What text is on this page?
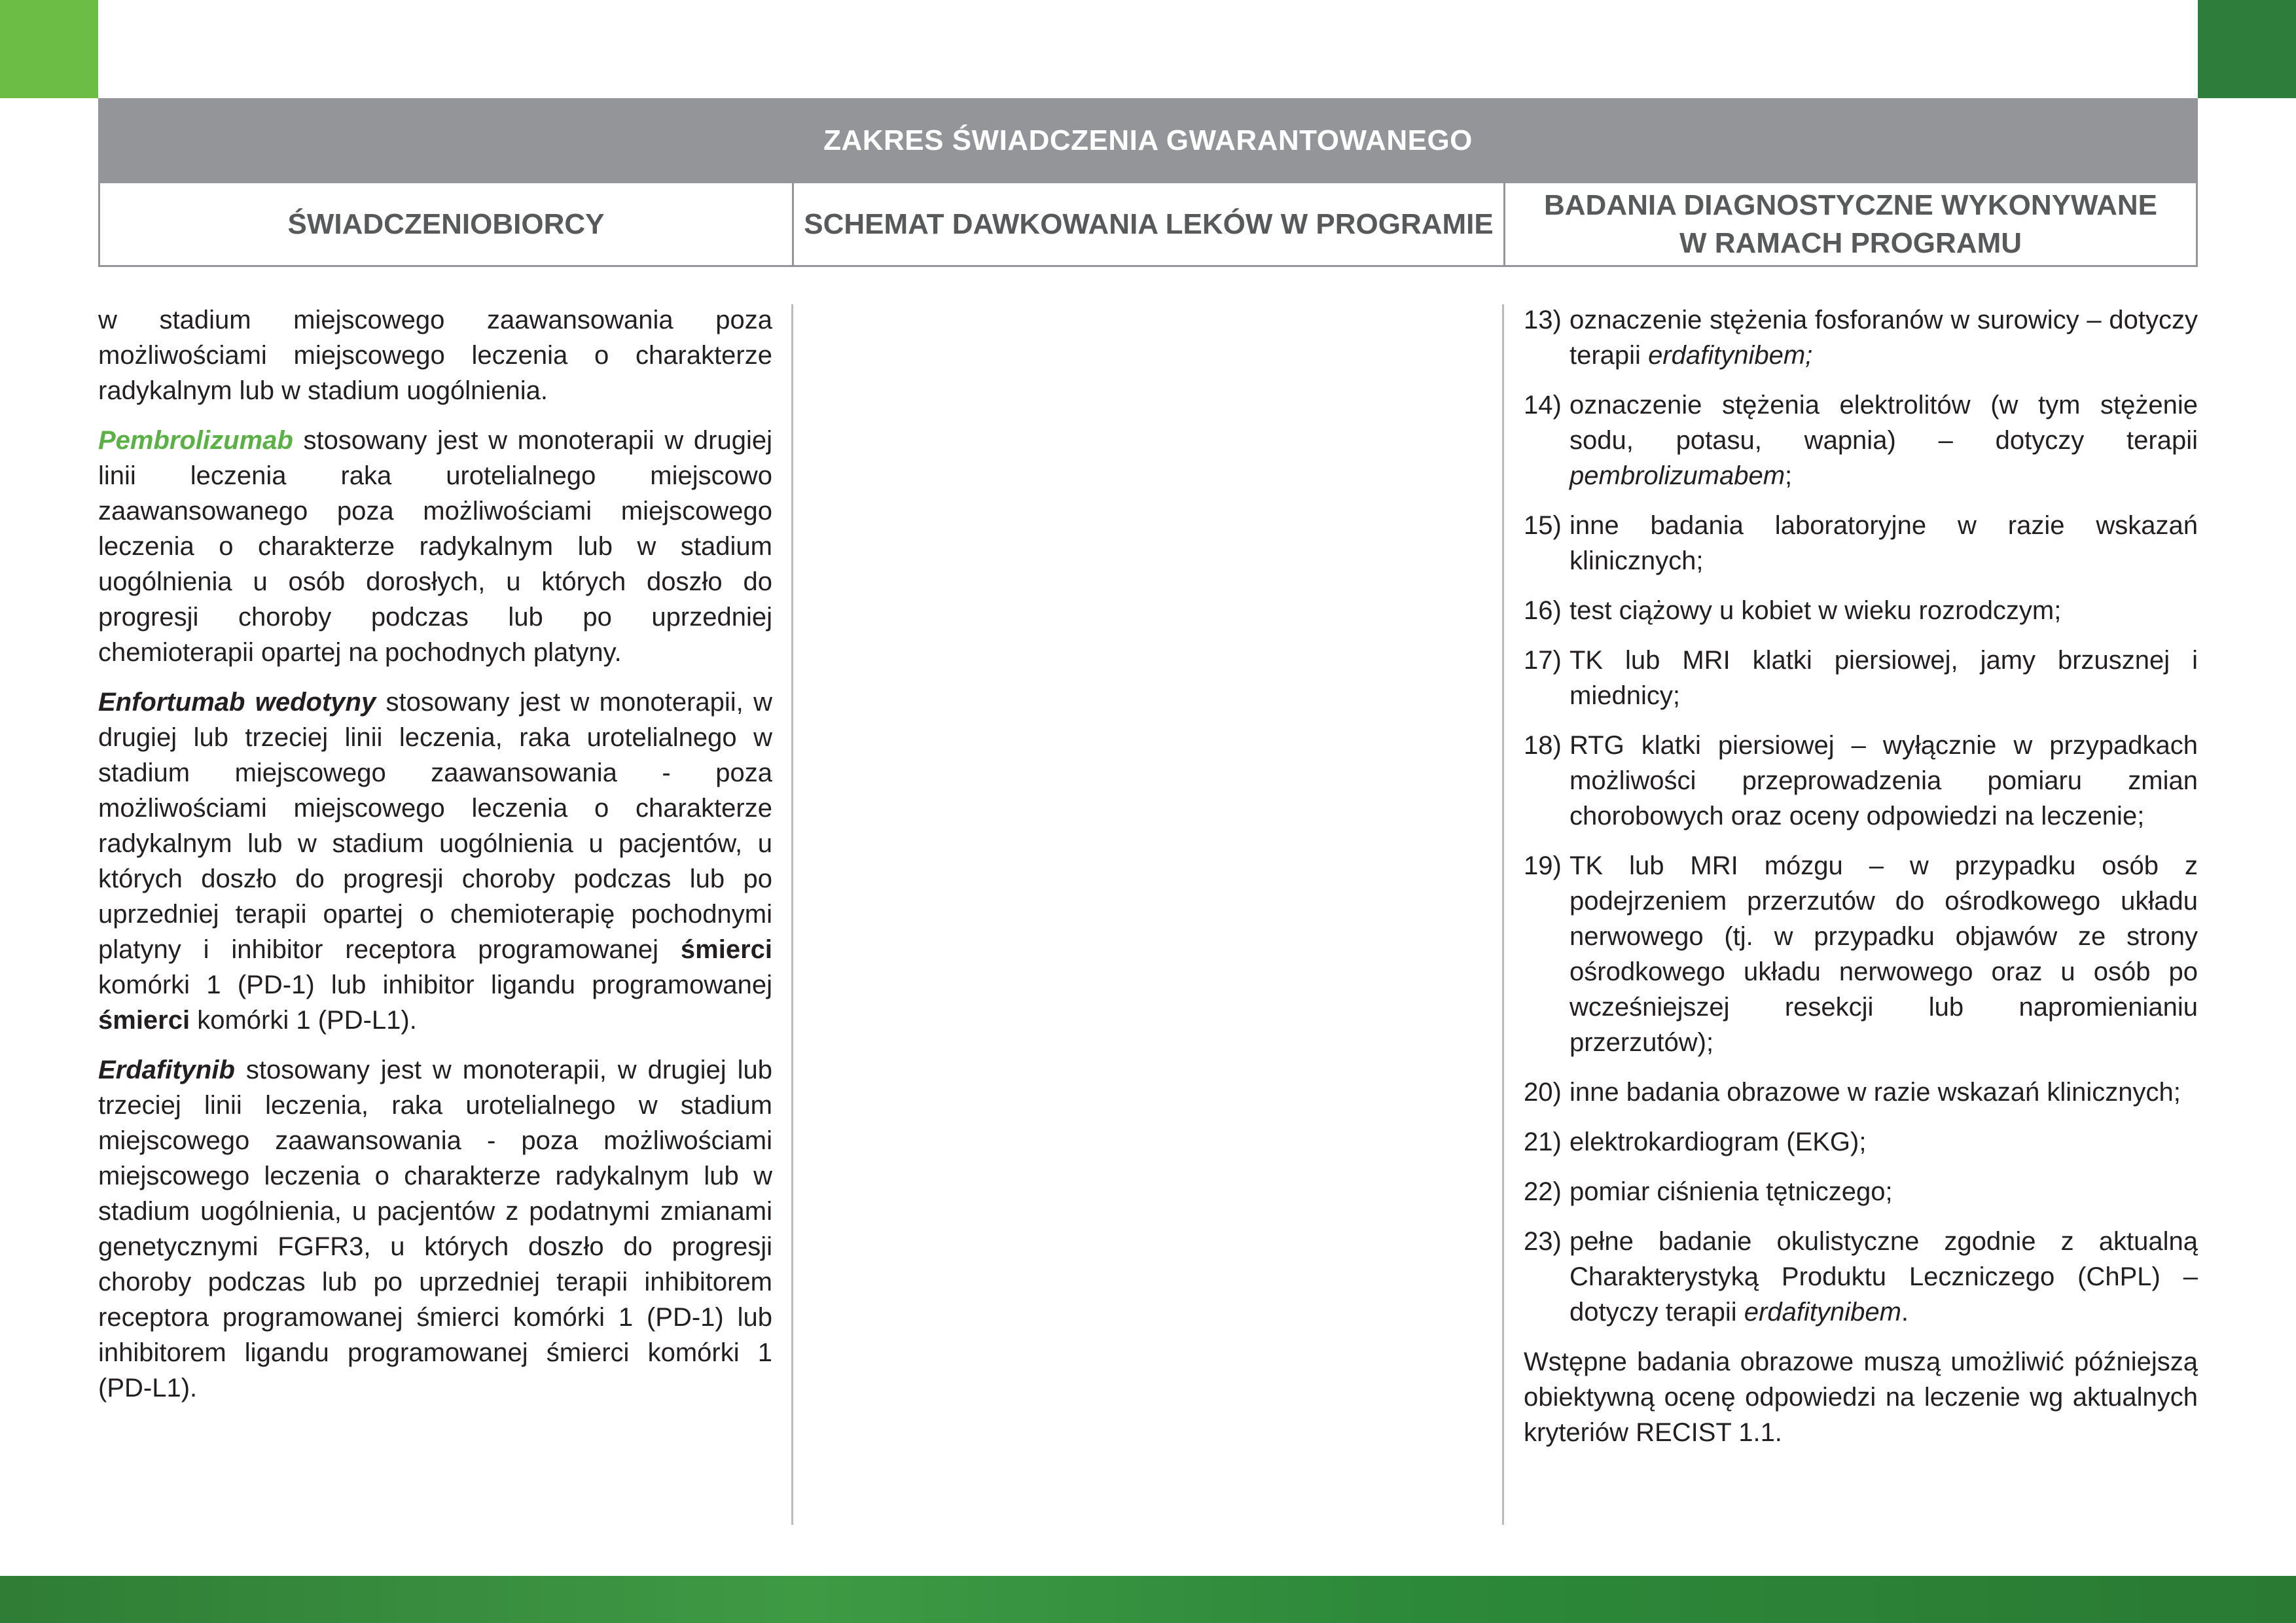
ZAKRES ŚWIADCZENIA GWARANTOWANEGO
ŚWIADCZENIOBIORCY	SCHEMAT DAWKOWANIA LEKÓW W PROGRAMIE
BADANIA DIAGNOSTYCZNE WYKONYWANE
W RAMACH PROGRAMU

w stadium miejscowego zaawansowania poza możliwościami miejscowego leczenia o charakterze radykalnym lub w stadium uogólnienia.

Pembrolizumab stosowany jest w monoterapii w drugiej linii leczenia raka urotelialnego miejscowo zaawansowanego poza możliwościami miejscowego leczenia o charakterze radykalnym lub w stadium uogólnienia u osób dorosłych, u których doszło do progresji choroby podczas lub po uprzedniej chemioterapii opartej na pochodnych platyny.

Enfortumab wedotyny stosowany jest w monoterapii, w drugiej lub trzeciej linii leczenia, raka urotelialnego w stadium miejscowego zaawansowania - poza możliwościami miejscowego leczenia o charakterze radykalnym lub w stadium uogólnienia u pacjentów, u których doszło do progresji choroby podczas lub po uprzedniej terapii opartej o chemioterapię pochodnymi platyny i inhibitor receptora programowanej śmierci komórki 1 (PD-1) lub inhibitor ligandu programowanej śmierci komórki 1 (PD-L1).

Erdafitynib stosowany jest w monoterapii, w drugiej lub trzeciej linii leczenia, raka urotelialnego w stadium miejscowego zaawansowania - poza możliwościami miejscowego leczenia o charakterze radykalnym lub w stadium uogólnienia, u pacjentów z podatnymi zmianami genetycznymi FGFR3, u których doszło do progresji choroby podczas lub po uprzedniej terapii inhibitorem receptora programowanej śmierci komórki 1 (PD-1) lub inhibitorem ligandu programowanej śmierci komórki 1 (PD-L1).

13) oznaczenie stężenia fosforanów w surowicy – dotyczy terapii erdafitynibem;
14) oznaczenie stężenia elektrolitów (w tym stężenie sodu, potasu, wapnia) – dotyczy terapii pembrolizumabem;
15) inne badania laboratoryjne w razie wskazań klinicznych;
16) test ciążowy u kobiet w wieku rozrodczym;
17) TK lub MRI klatki piersiowej, jamy brzusznej i miednicy;
18) RTG klatki piersiowej – wyłącznie w przypadkach możliwości przeprowadzenia pomiaru zmian chorobowych oraz oceny odpowiedzi na leczenie;
19) TK lub MRI mózgu – w przypadku osób z podejrzeniem przerzutów do ośrodkowego układu nerwowego (tj. w przypadku objawów ze strony ośrodkowego układu nerwowego oraz u osób po wcześniejszej resekcji lub napromienianiu przerzutów);
20) inne badania obrazowe w razie wskazań klinicznych;
21) elektrokardiogram (EKG);
22) pomiar ciśnienia tętniczego;
23) pełne badanie okulistyczne zgodnie z aktualną Charakterystyką Produktu Leczniczego (ChPL) – dotyczy terapii erdafitynibem.

Wstępne badania obrazowe muszą umożliwić późniejszą obiektywną ocenę odpowiedzi na leczenie wg aktualnych kryteriów RECIST 1.1.
